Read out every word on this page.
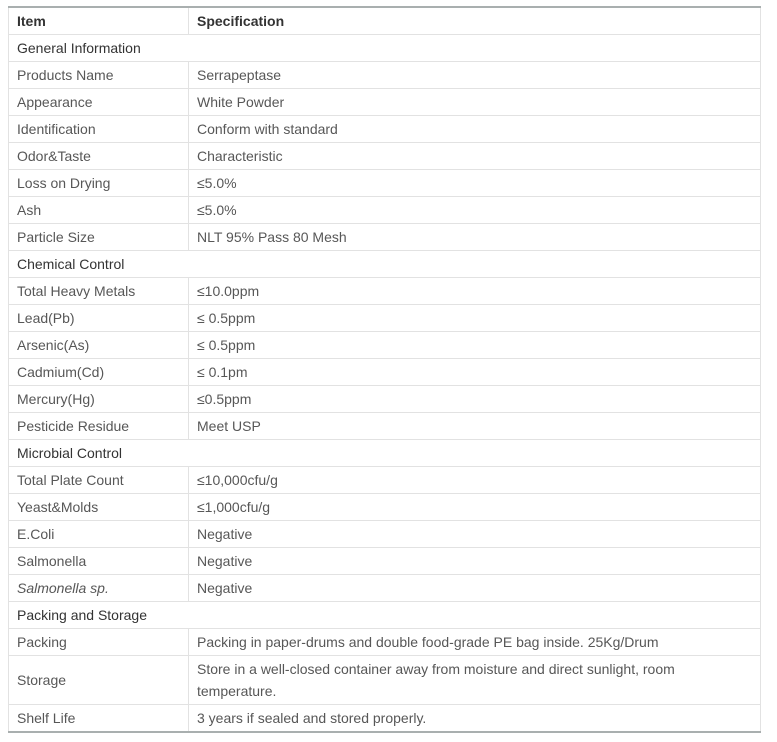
Item	Specification
General Information	
Products Name	Serrapeptase
Appearance	White Powder
Identification	Conform with standard
Odor&Taste	Characteristic
Loss on Drying	≤5.0%
Ash	≤5.0%
Particle Size	NLT 95% Pass 80 Mesh
Chemical Control	
Total Heavy Metals	≤10.0ppm
Lead(Pb)	≤ 0.5ppm
Arsenic(As)	≤ 0.5ppm
Cadmium(Cd)	≤ 0.1pm
Mercury(Hg)	≤0.5ppm
Pesticide Residue	Meet USP
Microbial Control	
Total Plate Count	≤10,000cfu/g
Yeast&Molds	≤1,000cfu/g
E.Coli	Negative
Salmonella	Negative
Salmonella sp.	Negative
Packing and Storage	
Packing	Packing in paper-drums and double food-grade PE bag inside. 25Kg/Drum
Storage	Store in a well-closed container away from moisture and direct sunlight, room temperature.
Shelf Life	3 years if sealed and stored properly.
